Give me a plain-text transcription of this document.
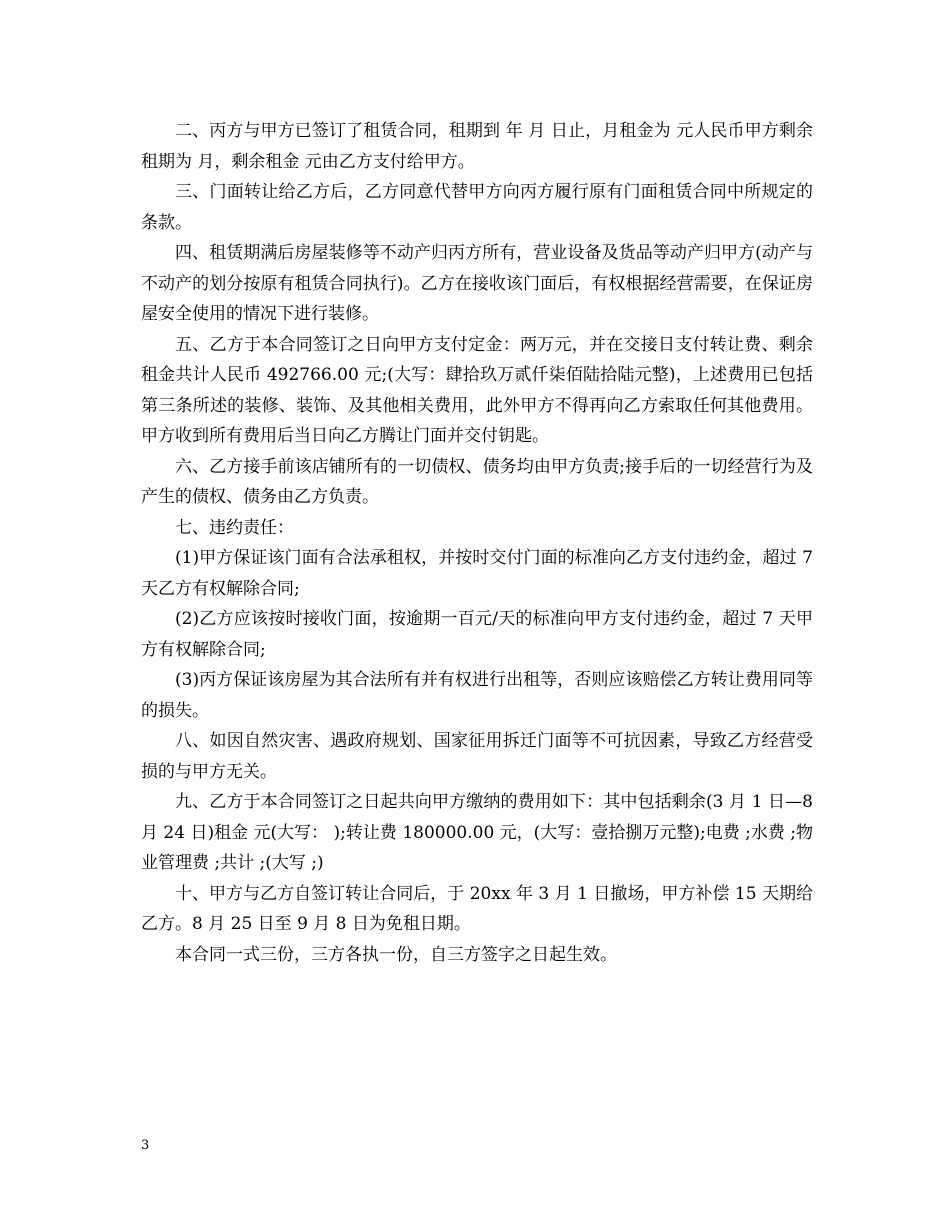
二、丙方与甲方已签订了租赁合同，租期到 年 月 日止，月租金为 元人民币甲方剩余租期为 月，剩余租金 元由乙方支付给甲方。

三、门面转让给乙方后，乙方同意代替甲方向丙方履行原有门面租赁合同中所规定的条款。

四、租赁期满后房屋装修等不动产归丙方所有，营业设备及货品等动产归甲方(动产与不动产的划分按原有租赁合同执行)。乙方在接收该门面后，有权根据经营需要，在保证房屋安全使用的情况下进行装修。

五、乙方于本合同签订之日向甲方支付定金：两万元，并在交接日支付转让费、剩余租金共计人民币 492766.00 元;(大写：肆拾玖万贰仟柒佰陆拾陆元整)，上述费用已包括第三条所述的装修、装饰、及其他相关费用，此外甲方不得再向乙方索取任何其他费用。甲方收到所有费用后当日向乙方腾让门面并交付钥匙。

六、乙方接手前该店铺所有的一切债权、债务均由甲方负责;接手后的一切经营行为及产生的债权、债务由乙方负责。

七、违约责任：

(1)甲方保证该门面有合法承租权，并按时交付门面的标准向乙方支付违约金，超过 7 天乙方有权解除合同;

(2)乙方应该按时接收门面，按逾期一百元/天的标准向甲方支付违约金，超过 7 天甲方有权解除合同;

(3)丙方保证该房屋为其合法所有并有权进行出租等，否则应该赔偿乙方转让费用同等的损失。

八、如因自然灾害、遇政府规划、国家征用拆迁门面等不可抗因素，导致乙方经营受损的与甲方无关。

九、乙方于本合同签订之日起共向甲方缴纳的费用如下：其中包括剩余(3 月 1 日—8 月 24 日)租金 元(大写： );转让费 180000.00 元，(大写：壹拾捌万元整);电费 ;水费 ;物业管理费 ;共计 ;(大写 ;)

十、甲方与乙方自签订转让合同后，于 20xx 年 3 月 1 日撤场，甲方补偿 15 天期给乙方。8 月 25 日至 9 月 8 日为免租日期。

本合同一式三份，三方各执一份，自三方签字之日起生效。

3
